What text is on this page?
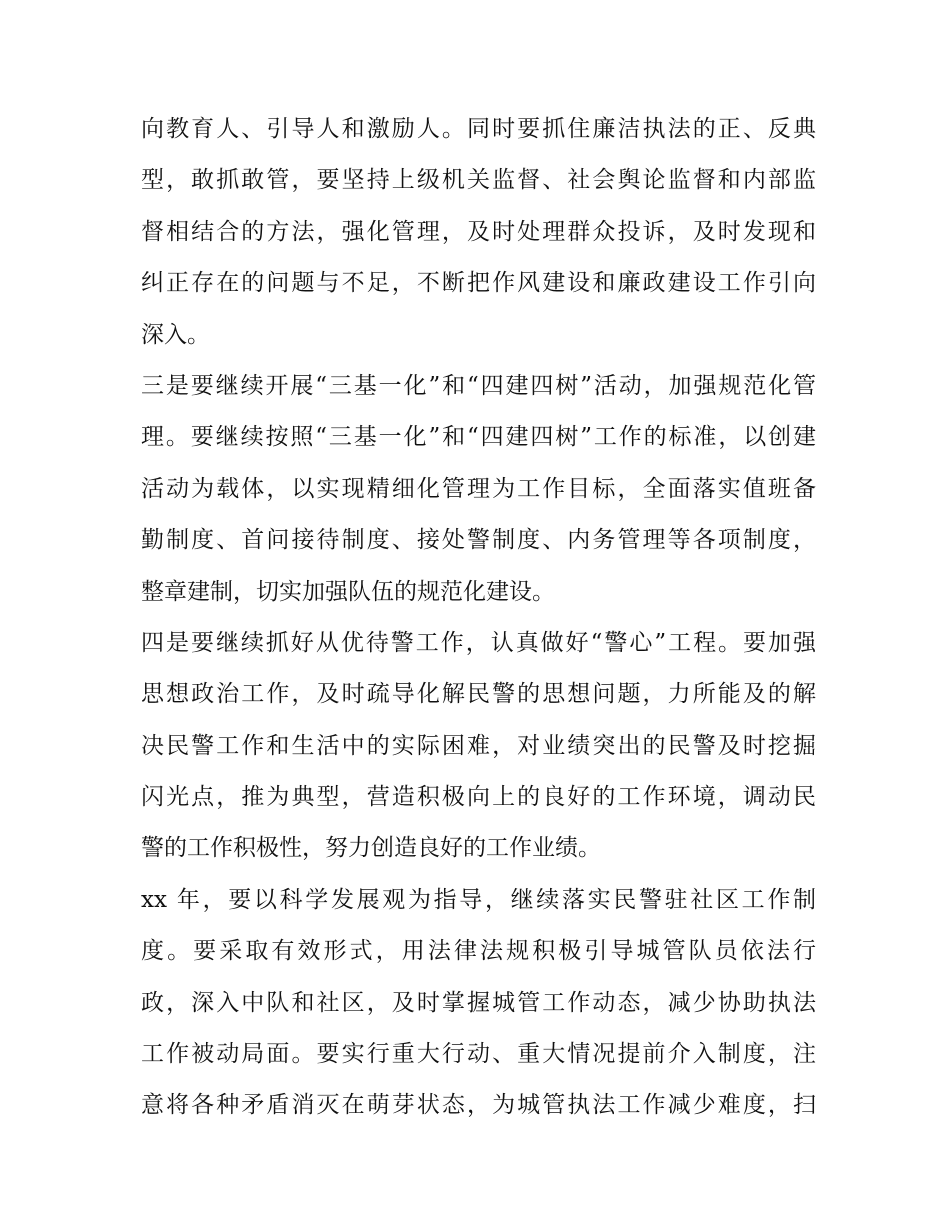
向教育人、引导人和激励人。同时要抓住廉洁执法的正、反典
型，敢抓敢管，要坚持上级机关监督、社会舆论监督和内部监
督相结合的方法，强化管理，及时处理群众投诉，及时发现和
纠正存在的问题与不足，不断把作风建设和廉政建设工作引向
深入。
三是要继续开展“三基一化”和“四建四树”活动，加强规范化管
理。要继续按照“三基一化”和“四建四树”工作的标准，以创建
活动为载体，以实现精细化管理为工作目标，全面落实值班备
勤制度、首问接待制度、接处警制度、内务管理等各项制度，
整章建制，切实加强队伍的规范化建设。
四是要继续抓好从优待警工作，认真做好“警心”工程。要加强
思想政治工作，及时疏导化解民警的思想问题，力所能及的解
决民警工作和生活中的实际困难，对业绩突出的民警及时挖掘
闪光点，推为典型，营造积极向上的良好的工作环境，调动民
警的工作积极性，努力创造良好的工作业绩。
xx 年，要以科学发展观为指导，继续落实民警驻社区工作制
度。要采取有效形式，用法律法规积极引导城管队员依法行
政，深入中队和社区，及时掌握城管工作动态，减少协助执法
工作被动局面。要实行重大行动、重大情况提前介入制度，注
意将各种矛盾消灭在萌芽状态，为城管执法工作减少难度，扫
